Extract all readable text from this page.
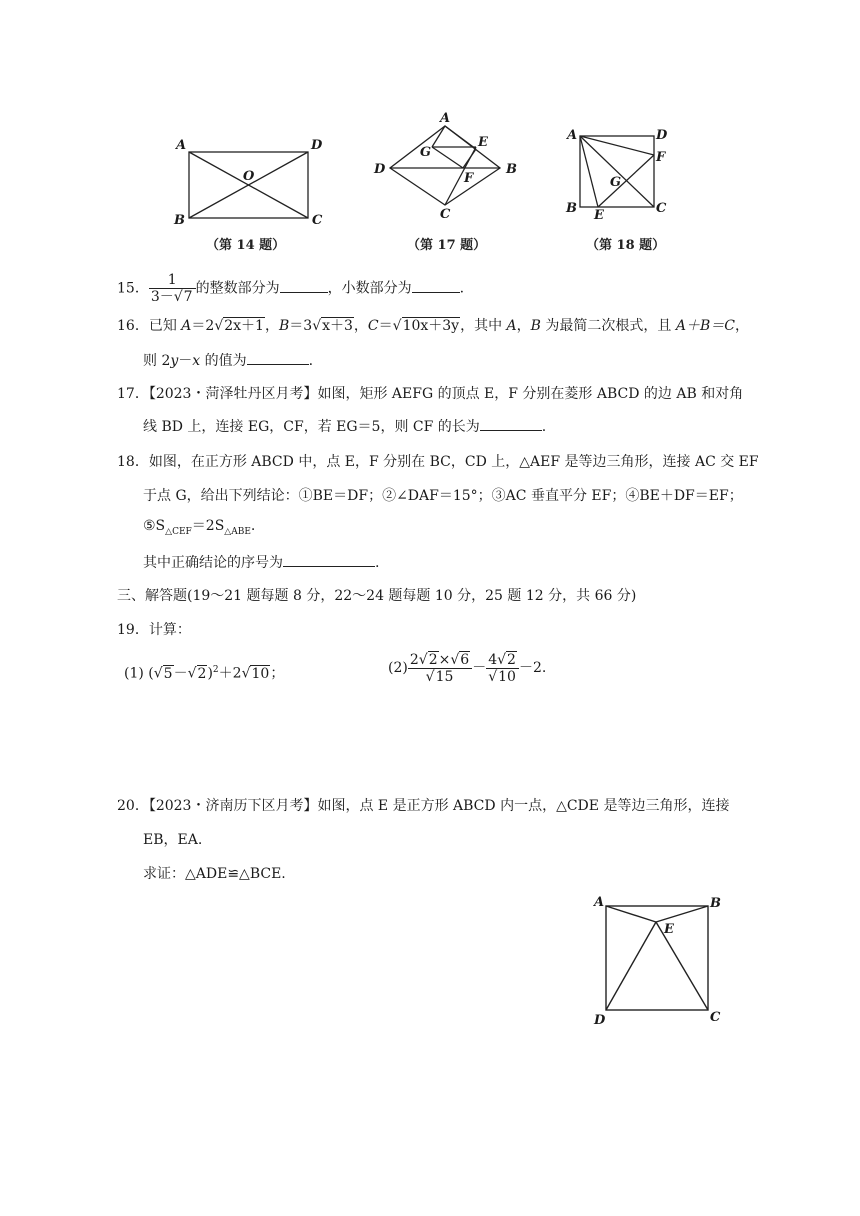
A	D
O
B	C
（第 14 题）
A
G
E
D	B
F
C
（第 17 题）
A	D
F
G
B E	C
（第 18 题）
15． $\frac{1}{3-√7}$ 的整数部分为	，小数部分为	.
16．已知 A＝2√2x＋1，B＝3√x＋3，C＝√10x＋3y，其中 A，B 为最简二次根式，且 A＋B＝C，
则 2y－x 的值为	.
17．【2023・菏泽牡丹区月考】如图，矩形 AEFG 的顶点 E，F 分别在菱形 ABCD 的边 AB 和对角
线 BD 上，连接 EG，CF，若 EG＝5，则 CF 的长为	.
18．如图，在正方形 ABCD 中，点 E，F 分别在 BC，CD 上，△AEF 是等边三角形，连接 AC 交 EF
于点 G，给出下列结论：①BE＝DF；②∠DAF＝15°；③AC 垂直平分 EF；④BE＋DF＝EF；
$⑤S_{\triangle CEF}=2S_{\triangle ABE}$.
其中正确结论的序号为	.
三、解答题(19～21 题每题 8 分，22～24 题每题 10 分，25 题 12 分，共 66 分)
19．计算：
(1) $(√5-√2)^2+2√10$；	$(2) \frac{2√2\times√6}{√15} - \frac{4√2}{√10} -2$.
20．【2023・济南历下区月考】如图，点 E 是正方形 ABCD 内一点，△CDE 是等边三角形，连接
EB，EA.
求证：△ADE≌△BCE.
A	B
E
D	C
